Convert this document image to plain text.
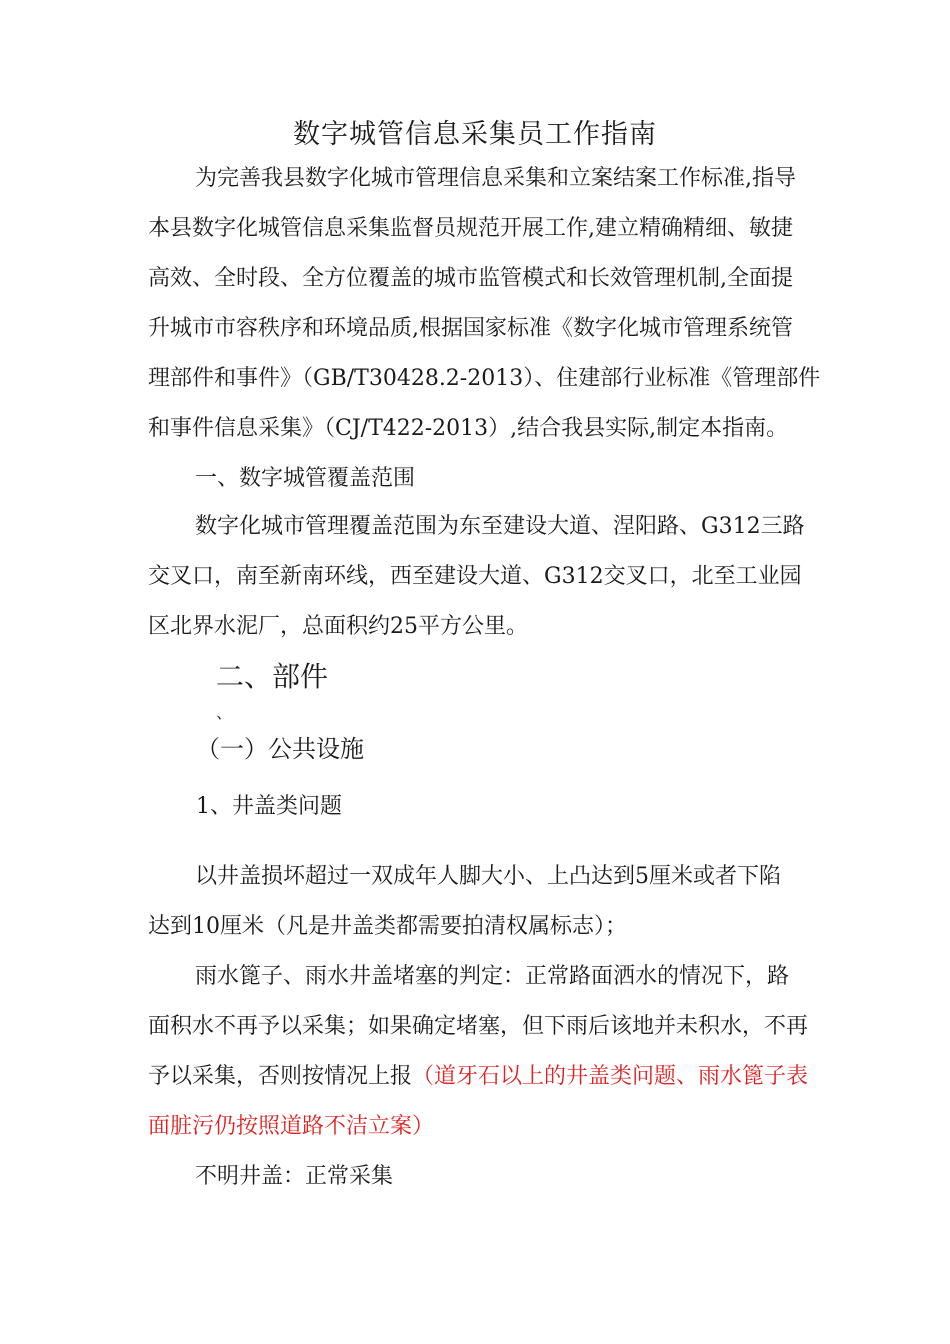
数字城管信息采集员工作指南
为完善我县数字化城市管理信息采集和立案结案工作标准,指导
本县数字化城管信息采集监督员规范开展工作,建立精确精细、敏捷
高效、全时段、全方位覆盖的城市监管模式和长效管理机制,全面提
升城市市容秩序和环境品质,根据国家标准《数字化城市管理系统管
理部件和事件》（GB/T30428.2-2013）、住建部行业标准《管理部件
和事件信息采集》（CJ/T422-2013）,结合我县实际,制定本指南。
一、数字城管覆盖范围
数字化城市管理覆盖范围为东至建设大道、涅阳路、G312三路
交叉口，南至新南环线，西至建设大道、G312交叉口，北至工业园
区北界水泥厂，总面积约25平方公里。
二、部件
、
（一）公共设施
1、井盖类问题
以井盖损坏超过一双成年人脚大小、上凸达到5厘米或者下陷
达到10厘米（凡是井盖类都需要拍清权属标志）；
雨水篦子、雨水井盖堵塞的判定：正常路面洒水的情况下，路
面积水不再予以采集；如果确定堵塞，但下雨后该地并未积水，不再
予以采集，否则按情况上报（道牙石以上的井盖类问题、雨水篦子表
面脏污仍按照道路不洁立案）
不明井盖：正常采集
